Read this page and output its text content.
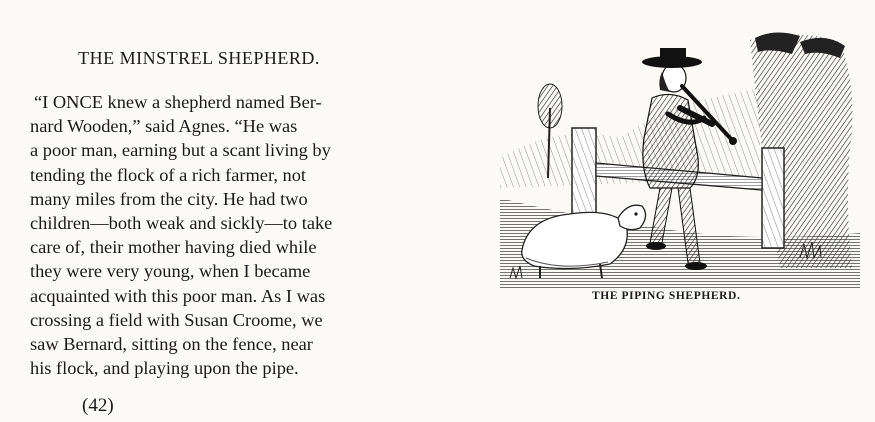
THE MINSTREL SHEPHERD.
“I ONCE knew a shepherd named Ber-
nard Wooden,” said Agnes. “He was
a poor man, earning but a scant living by
tending the flock of a rich farmer, not
many miles from the city. He had two
children—both weak and sickly—to take
care of, their mother having died while
they were very young, when I became
acquainted with this poor man. As I was
crossing a field with Susan Croome, we
saw Bernard, sitting on the fence, near
his flock, and playing upon the pipe.
(42)
THE PIPING SHEPHERD.
